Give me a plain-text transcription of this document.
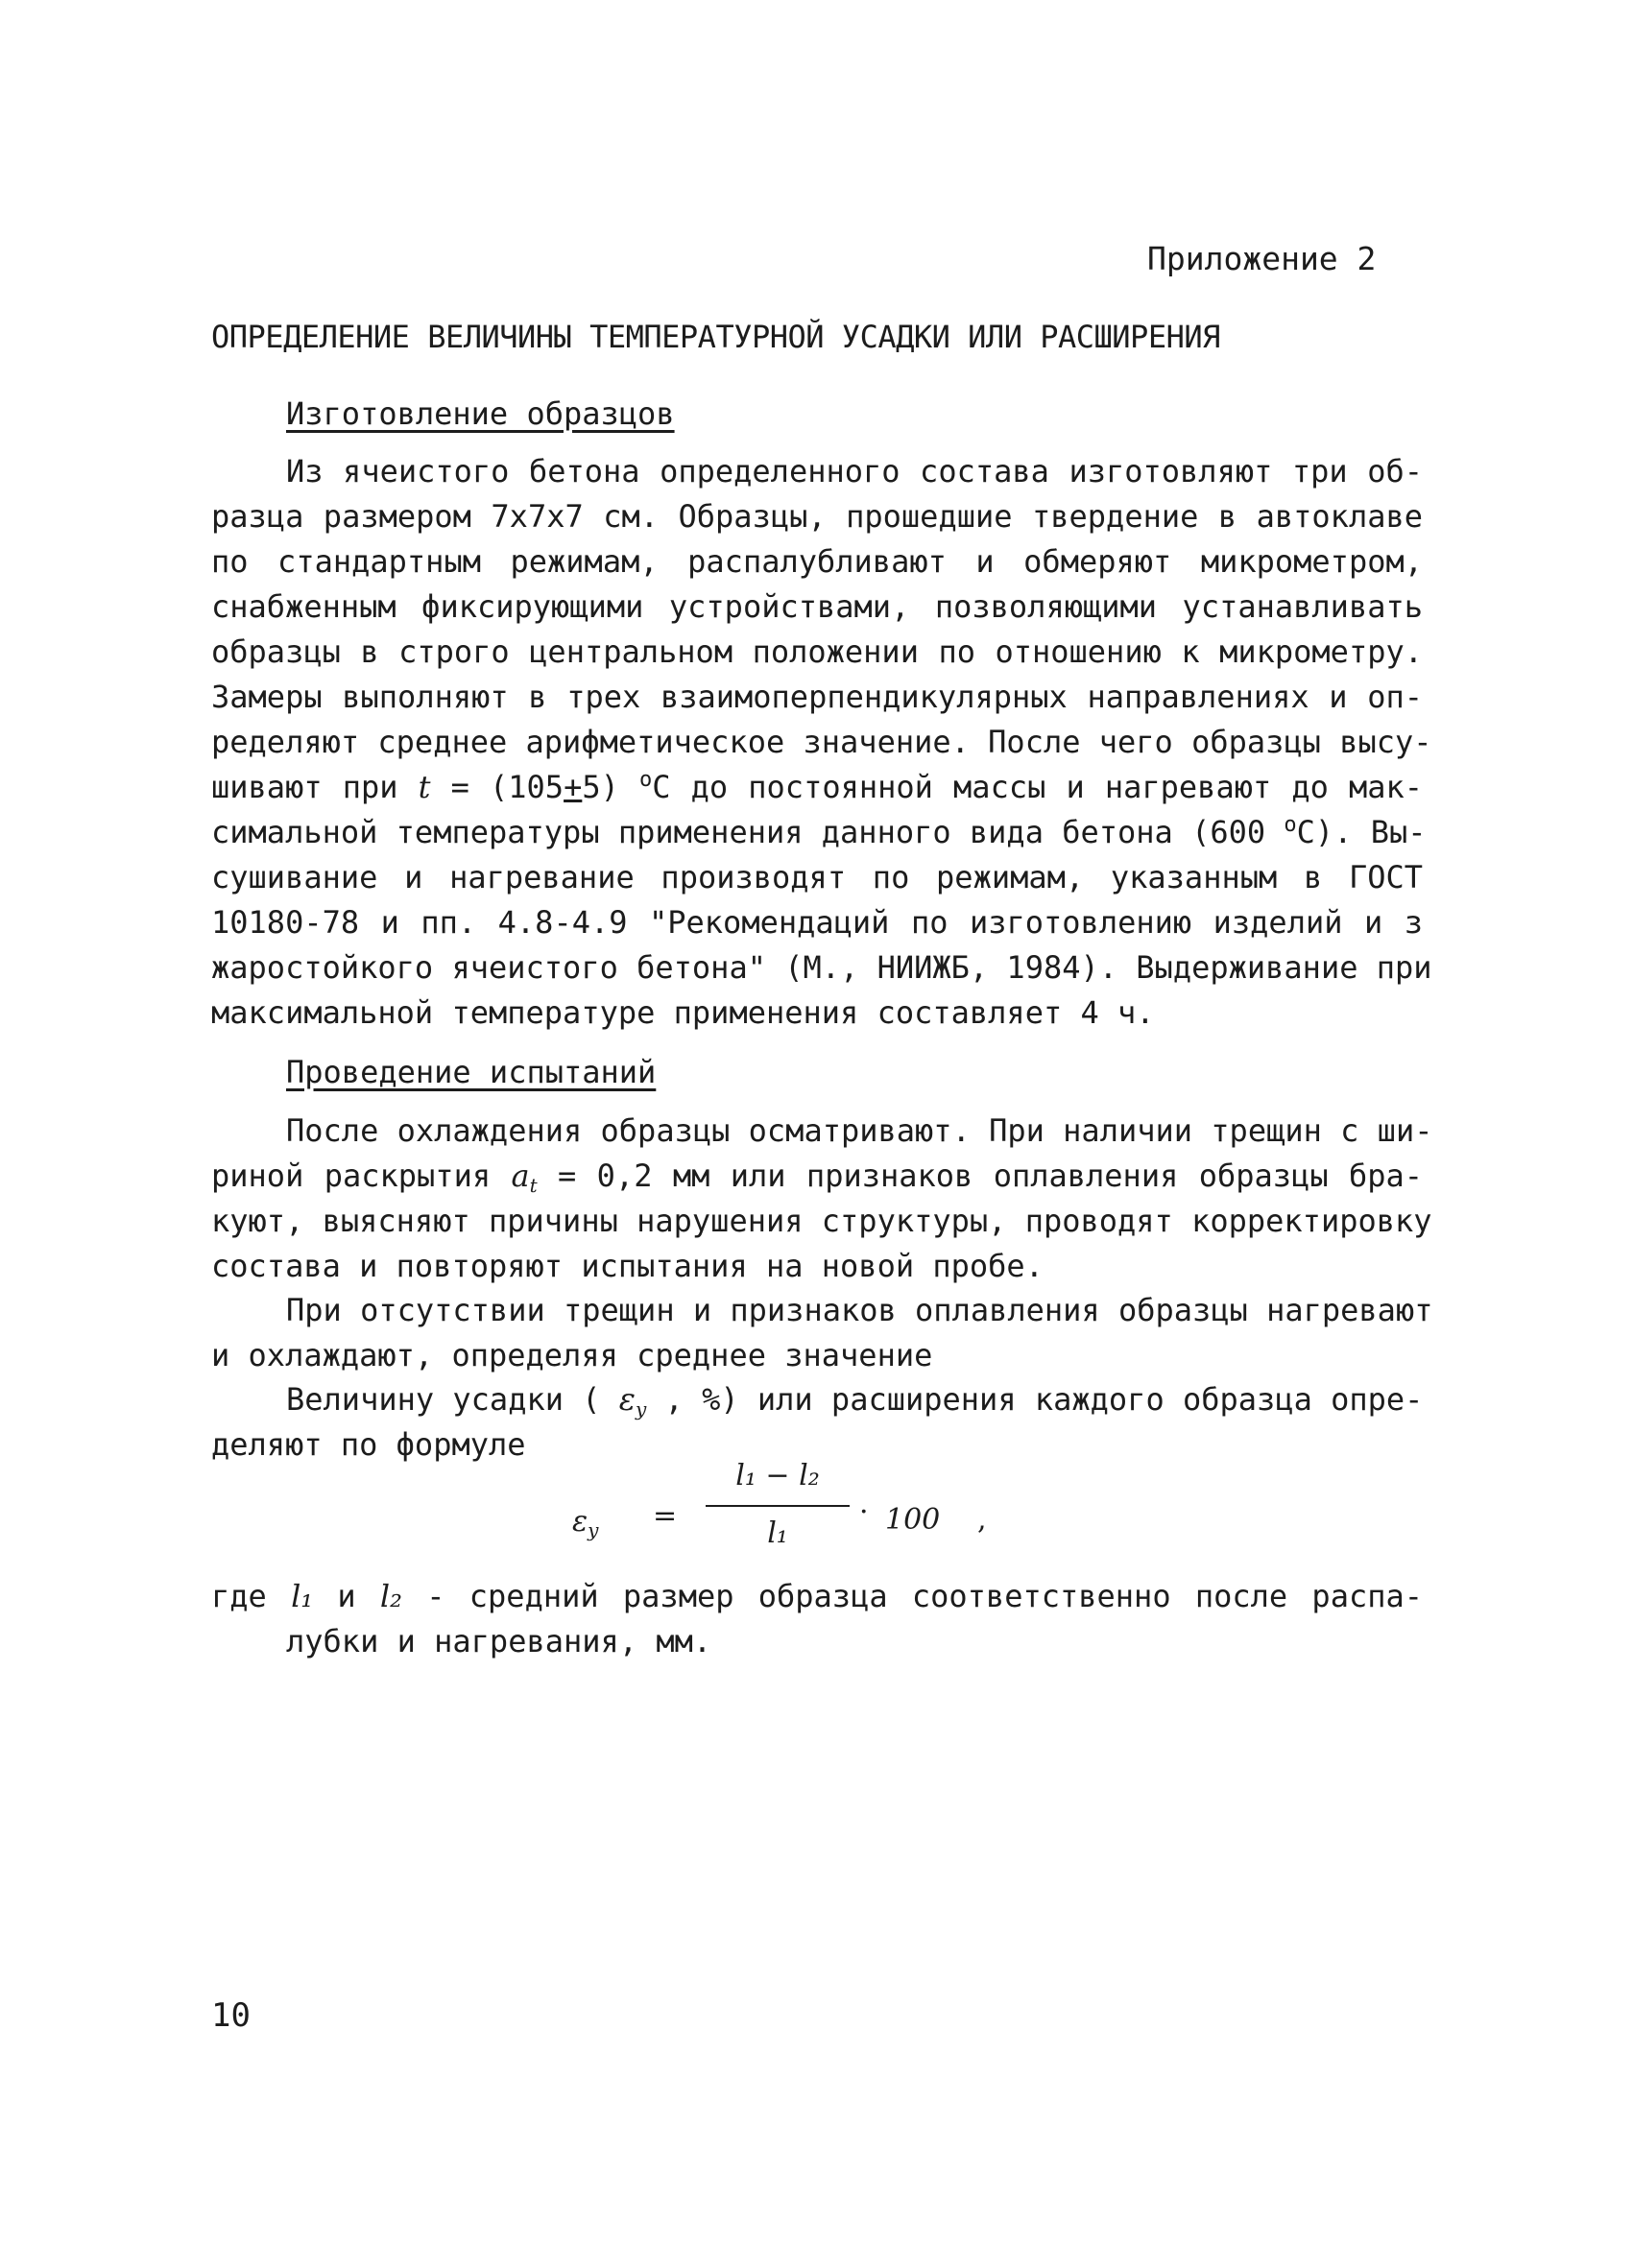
Приложение 2
ОПРЕДЕЛЕНИЕ ВЕЛИЧИНЫ ТЕМПЕРАТУРНОЙ УСАДКИ ИЛИ РАСШИРЕНИЯ
Изготовление образцов
Из ячеистого бетона определенного состава изготовляют три об-
разца размером 7х7х7 см. Образцы, прошедшие твердение в автоклаве
по стандартным режимам, распалубливают и обмеряют микрометром,
снабженным фиксирующими устройствами, позволяющими устанавливать
образцы в строго центральном положении по отношению к микрометру.
Замеры выполняют в трех взаимоперпендикулярных направлениях и оп-
ределяют среднее арифметическое значение. После чего образцы высу-
шивают при t = (105+5) $^о$С до постоянной массы и нагревают до мак-
симальной температуры применения данного вида бетона (600 $^о$С). Вы-
сушивание и нагревание производят по режимам, указанным в ГОСТ
10180-78 и пп. 4.8-4.9 "Рекомендаций по изготовлению изделий и з
жаростойкого ячеистого бетона" (М., НИИЖБ, 1984). Выдерживание при
максимальной температуре применения составляет 4 ч.
Проведение испытаний
После охлаждения образцы осматривают. При наличии трещин с ши-
риной раскрытия $a_t = 0,2$ мм или признаков оплавления образцы бра-
куют, выясняют причины нарушения структуры, проводят корректировку
состава и повторяют испытания на новой пробе.
При отсутствии трещин и признаков оплавления образцы нагревают
и охлаждают, определяя среднее значение
Величину усадки ( $\varepsilon_y$ , %) или расширения каждого образца опре-
деляют по формуле
$\varepsilon_y$ =
l₁ − l₂
l₁
· 100 ,
где l₁ и l₂ - средний размер образца соответственно после распа-
лубки и нагревания, мм.
10
